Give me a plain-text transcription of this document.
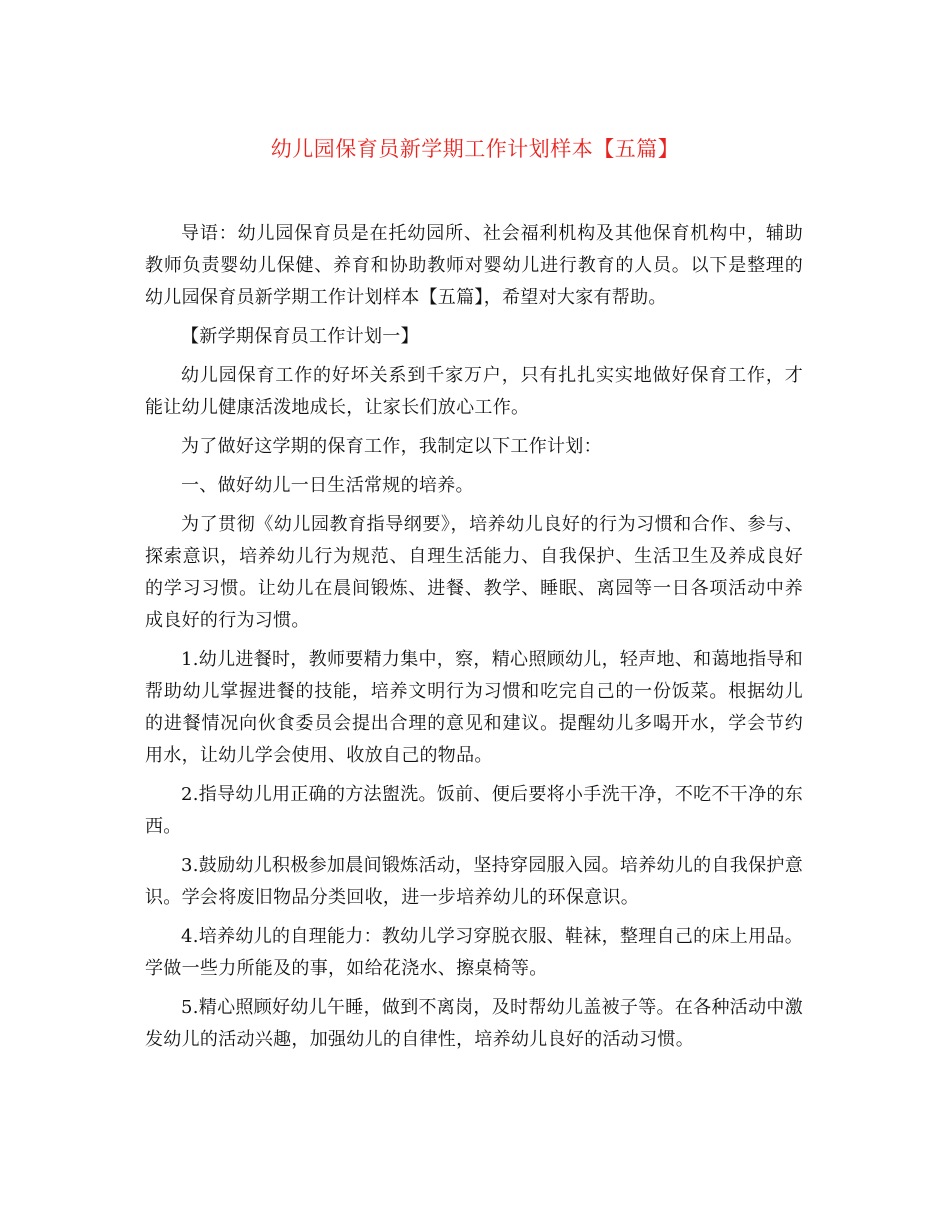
幼儿园保育员新学期工作计划样本【五篇】

导语：幼儿园保育员是在托幼园所、社会福利机构及其他保育机构中，辅助教师负责婴幼儿保健、养育和协助教师对婴幼儿进行教育的人员。以下是整理的幼儿园保育员新学期工作计划样本【五篇】，希望对大家有帮助。

【新学期保育员工作计划一】

幼儿园保育工作的好坏关系到千家万户，只有扎扎实实地做好保育工作，才能让幼儿健康活泼地成长，让家长们放心工作。

为了做好这学期的保育工作，我制定以下工作计划：

一、做好幼儿一日生活常规的培养。

为了贯彻《幼儿园教育指导纲要》，培养幼儿良好的行为习惯和合作、参与、探索意识，培养幼儿行为规范、自理生活能力、自我保护、生活卫生及养成良好的学习习惯。让幼儿在晨间锻炼、进餐、教学、睡眠、离园等一日各项活动中养成良好的行为习惯。

1.幼儿进餐时，教师要精力集中，察，精心照顾幼儿，轻声地、和蔼地指导和帮助幼儿掌握进餐的技能，培养文明行为习惯和吃完自己的一份饭菜。根据幼儿的进餐情况向伙食委员会提出合理的意见和建议。提醒幼儿多喝开水，学会节约用水，让幼儿学会使用、收放自己的物品。

2.指导幼儿用正确的方法盥洗。饭前、便后要将小手洗干净，不吃不干净的东西。

3.鼓励幼儿积极参加晨间锻炼活动，坚持穿园服入园。培养幼儿的自我保护意识。学会将废旧物品分类回收，进一步培养幼儿的环保意识。

4.培养幼儿的自理能力：教幼儿学习穿脱衣服、鞋袜，整理自己的床上用品。学做一些力所能及的事，如给花浇水、擦桌椅等。

5.精心照顾好幼儿午睡，做到不离岗，及时帮幼儿盖被子等。在各种活动中激发幼儿的活动兴趣，加强幼儿的自律性，培养幼儿良好的活动习惯。
